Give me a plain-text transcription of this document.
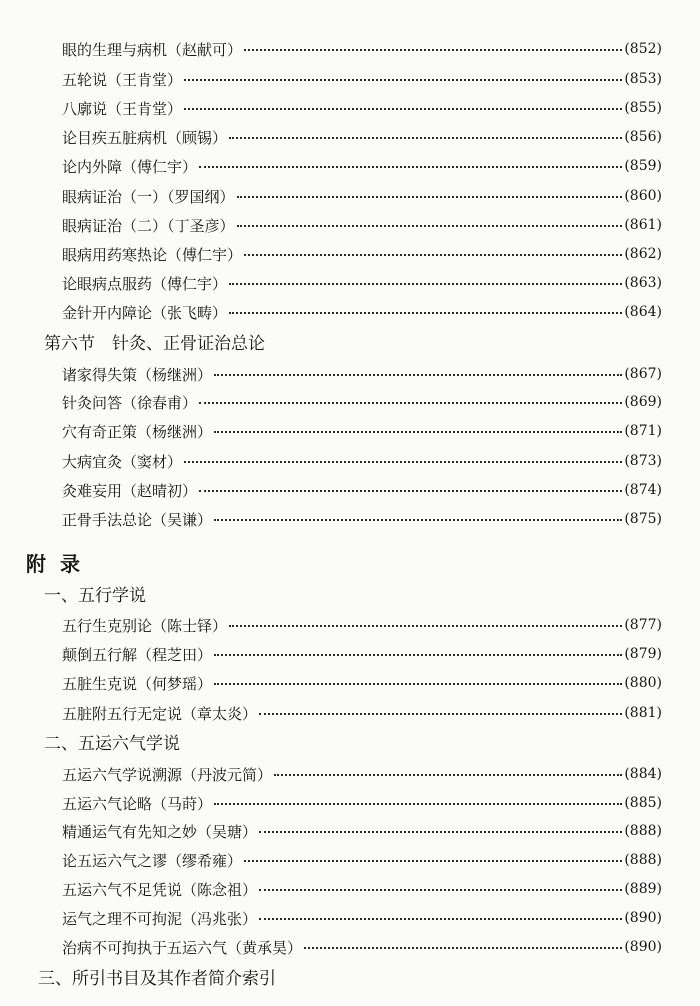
眼的生理与病机（赵献可）	(852)
五轮说（王肯堂）	(853)
八廓说（王肯堂）	(855)
论目疾五脏病机（顾锡）	(856)
论内外障（傅仁宇）	(859)
眼病证治（一）（罗国纲）	(860)
眼病证治（二）（丁圣彦）	(861)
眼病用药寒热论（傅仁宇）	(862)
论眼病点服药（傅仁宇）	(863)
金针开内障论（张飞畴）	(864)
第六节　针灸、正骨证治总论
诸家得失策（杨继洲）	(867)
针灸问答（徐春甫）	(869)
穴有奇正策（杨继洲）	(871)
大病宜灸（窦材）	(873)
灸难妄用（赵晴初）	(874)
正骨手法总论（吴谦）	(875)
附录
一、五行学说
五行生克别论（陈士铎）	(877)
颠倒五行解（程芝田）	(879)
五脏生克说（何梦瑶）	(880)
五脏附五行无定说（章太炎）	(881)
二、五运六气学说
五运六气学说溯源（丹波元简）	(884)
五运六气论略（马莳）	(885)
精通运气有先知之妙（吴瑭）	(888)
论五运六气之谬（缪希雍）	(888)
五运六气不足凭说（陈念祖）	(889)
运气之理不可拘泥（冯兆张）	(890)
治病不可拘执于五运六气（黄承昊）	(890)
三、所引书目及其作者简介索引
